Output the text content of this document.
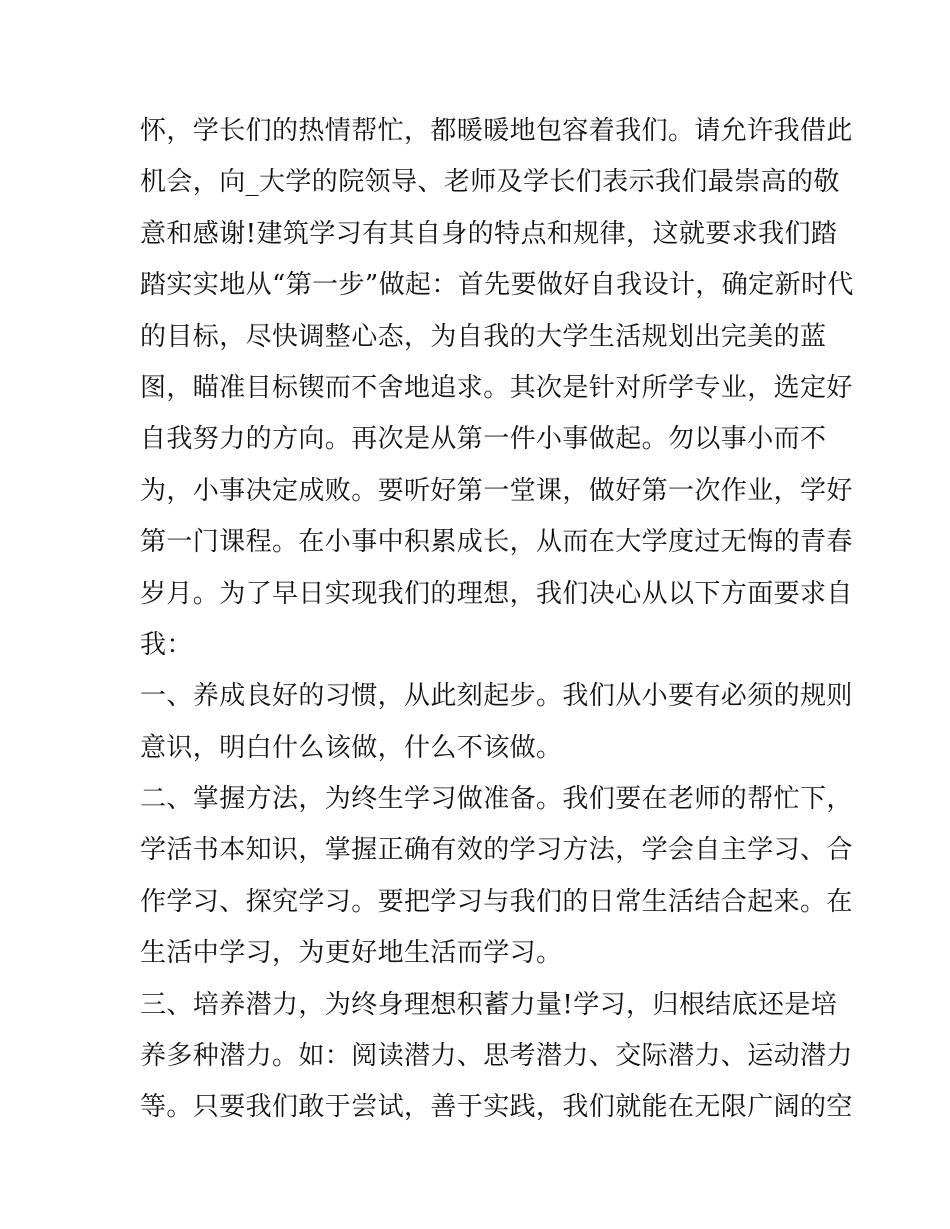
怀，学长们的热情帮忙，都暖暖地包容着我们。请允许我借此
机会，向_大学的院领导、老师及学长们表示我们最崇高的敬
意和感谢!建筑学习有其自身的特点和规律，这就要求我们踏
踏实实地从“第一步”做起：首先要做好自我设计，确定新时代
的目标，尽快调整心态，为自我的大学生活规划出完美的蓝
图，瞄准目标锲而不舍地追求。其次是针对所学专业，选定好
自我努力的方向。再次是从第一件小事做起。勿以事小而不
为，小事决定成败。要听好第一堂课，做好第一次作业，学好
第一门课程。在小事中积累成长，从而在大学度过无悔的青春
岁月。为了早日实现我们的理想，我们决心从以下方面要求自
我：
一、养成良好的习惯，从此刻起步。我们从小要有必须的规则
意识，明白什么该做，什么不该做。
二、掌握方法，为终生学习做准备。我们要在老师的帮忙下，
学活书本知识，掌握正确有效的学习方法，学会自主学习、合
作学习、探究学习。要把学习与我们的日常生活结合起来。在
生活中学习，为更好地生活而学习。
三、培养潜力，为终身理想积蓄力量!学习，归根结底还是培
养多种潜力。如：阅读潜力、思考潜力、交际潜力、运动潜力
等。只要我们敢于尝试，善于实践，我们就能在无限广阔的空
